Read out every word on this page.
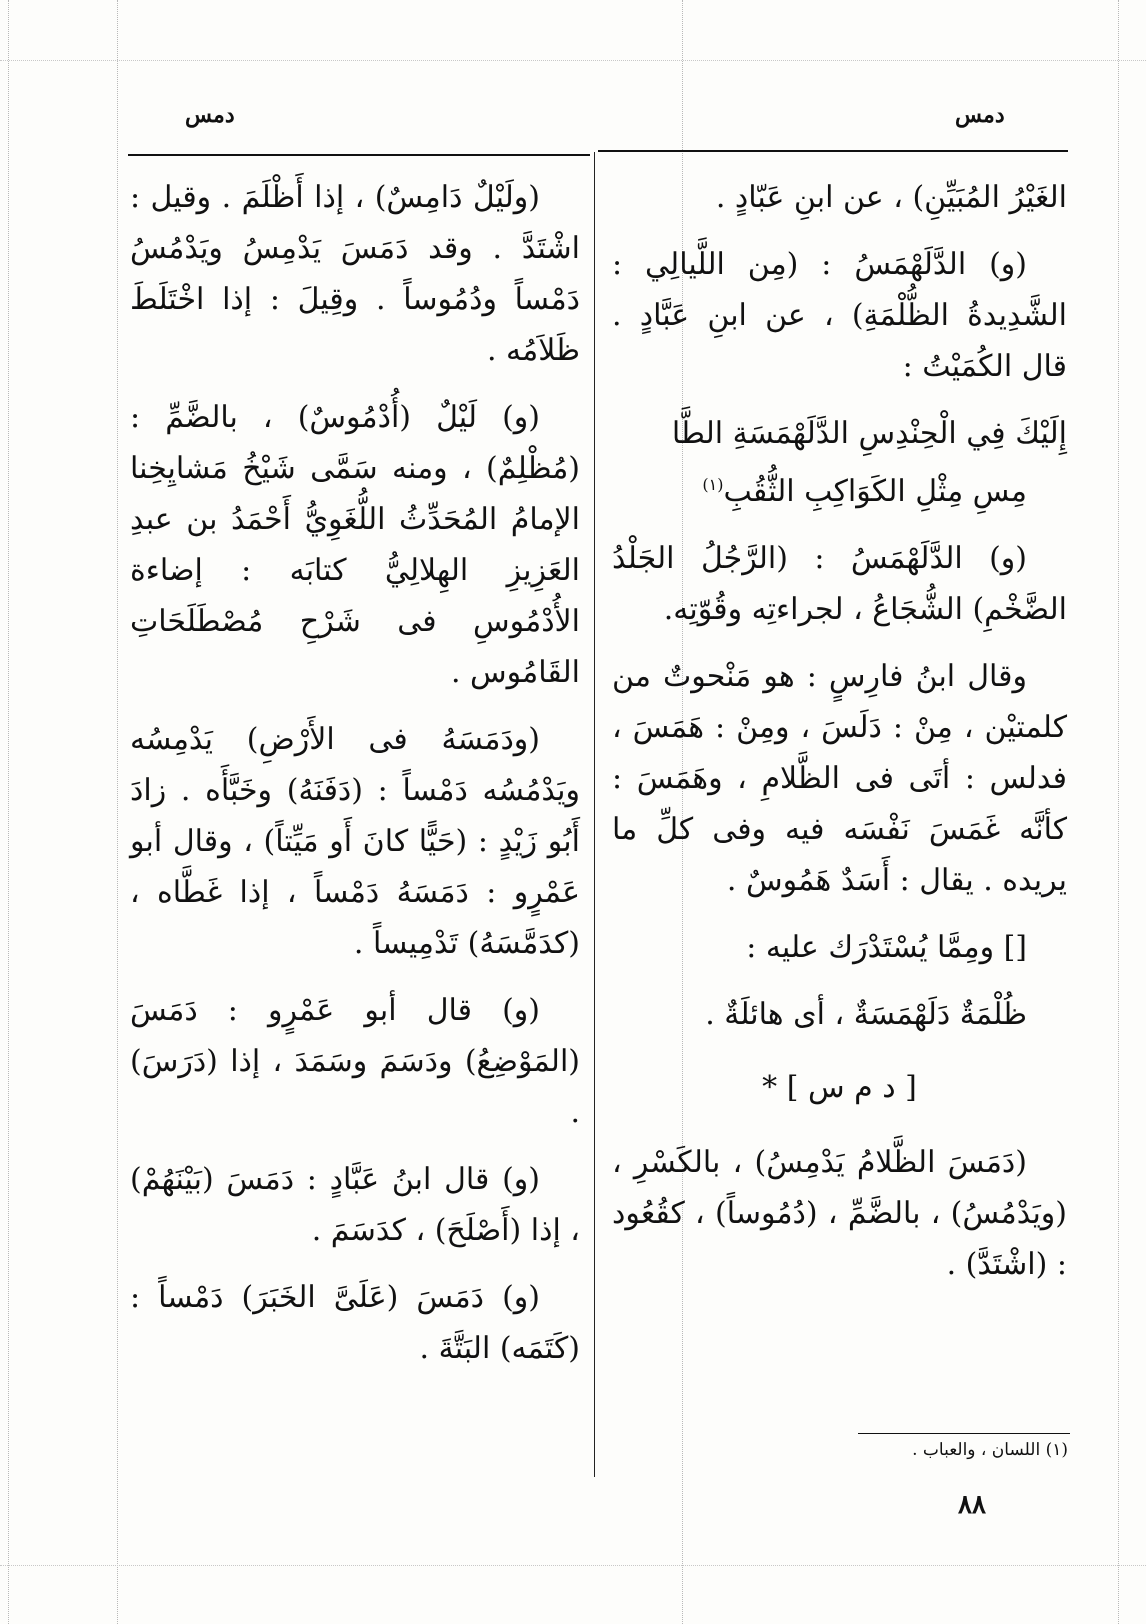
دمس	دمس

الغَيْرُ المُبَيِّنِ) ، عن ابنِ عَبّادٍ .

(و) الدَّلَهْمَسُ : (مِن اللَّيالِي : الشَّدِيدةُ الظُّلْمَةِ) ، عن ابنِ عَبَّادٍ . قال الكُمَيْتُ :

إِلَيْكَ فِي الْحِنْدِسِ الدَّلَهْمَسَةِ الطَّا
مِسِ مِثْلِ الكَوَاكِبِ الثُّقُبِ$^{(١)}$

(و) الدَّلَهْمَسُ : (الرَّجُلُ الجَلْدُ الضَّخْمِ) الشُّجَاعُ ، لجراءتِه وقُوّتِه.

وقال ابنُ فارِسٍ : هو مَنْحوتٌ من كلمتيْن ، مِنْ : دَلَسَ ، ومِنْ : هَمَسَ ، فدلس : أتَى فى الظَّلامِ ، وهَمَسَ : كأنَّه غَمَسَ نَفْسَه فيه وفى كلِّ ما يريده . يقال : أَسَدٌ هَمُوسٌ .

[] ومِمَّا يُسْتَدْرَك عليه :

ظُلْمَةٌ دَلَهْمَسَةٌ ، أى هائلَةٌ .

[ د م س ] *

(دَمَسَ الظَّلامُ يَدْمِسُ) ، بالكَسْرِ ، (ويَدْمُسُ) ، بالضَّمِّ ، (دُمُوساً) ، كقُعُود : (اشْتَدَّ) .

(ولَيْلٌ دَامِسٌ) ، إذا أَظْلَمَ . وقيل : اشْتَدَّ . وقد دَمَسَ يَدْمِسُ ويَدْمُسُ دَمْساً ودُمُوساً . وقِيلَ : إذا اخْتَلَطَ ظَلاَمُه .

(و) لَيْلٌ (أُدْمُوسٌ) ، بالضَّمِّ : (مُظْلِمٌ) ، ومنه سَمَّى شَيْخُ مَشايِخِنا الإمامُ المُحَدِّثُ اللُّغَوِيُّ أَحْمَدُ بن عبدِ العَزِيزِ الهِلالِيُّ كتابَه : إضاءة الأُدْمُوسِ فى شَرْحِ مُصْطَلَحَاتِ القَامُوس .

(ودَمَسَهُ فى الأَرْضِ) يَدْمِسُه ويَدْمُسُه دَمْساً : (دَفَنَهُ) وخَبَّأَه . زادَ أَبُو زَيْدٍ : (حَيًّا كانَ أَو مَيِّتاً) ، وقال أبو عَمْرٍو : دَمَسَهُ دَمْساً ، إذا غَطَّاه ، (كدَمَّسَهُ) تَدْمِيساً .

(و) قال أبو عَمْرٍو : دَمَسَ (المَوْضِعُ) ودَسَمَ وسَمَدَ ، إذا (دَرَسَ) .

(و) قال ابنُ عَبَّادٍ : دَمَسَ (بَيْنَهُمْ) ، إذا (أَصْلَحَ) ، كدَسَمَ .

(و) دَمَسَ (عَلَىَّ الخَبَرَ) دَمْساً : (كَتَمَه) البَتَّةَ .

(١) اللسان ، والعباب .
٨٨
